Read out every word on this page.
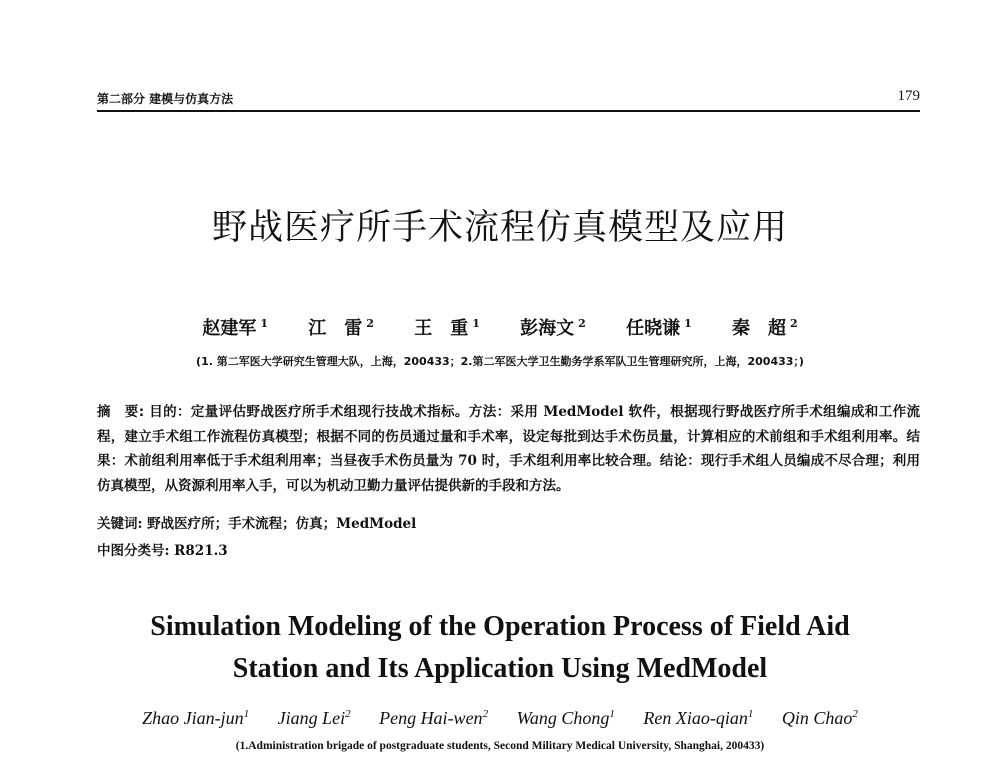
第二部分 建模与仿真方法	179
野战医疗所手术流程仿真模型及应用
赵建军 $^1$ 江　雷 $^2$ 王　重 $^1$ 彭海文 $^2$ 任晓谦 $^1$ 秦　超 $^2$
(1. 第二军医大学研究生管理大队，上海，200433；2.第二军医大学卫生勤务学系军队卫生管理研究所，上海，200433；)
摘　要: 目的：定量评估野战医疗所手术组现行技战术指标。方法：采用 MedModel 软件，根据现行野战医疗所手术组编成和工作流程，建立手术组工作流程仿真模型；根据不同的伤员通过量和手术率，设定每批到达手术伤员量，计算相应的术前组和手术组利用率。结果：术前组利用率低于手术组利用率；当昼夜手术伤员量为 70 时，手术组利用率比较合理。结论：现行手术组人员编成不尽合理；利用仿真模型，从资源利用率入手，可以为机动卫勤力量评估提供新的手段和方法。
关键词: 野战医疗所；手术流程；仿真；MedModel
中图分类号: R821.3
Simulation Modeling of the Operation Process of Field Aid
Station and Its Application Using MedModel
Zhao Jian-jun$^1$ Jiang Lei$^2$ Peng Hai-wen$^2$ Wang Chong$^1$ Ren Xiao-qian$^1$ Qin Chao$^2$
(1.Administration brigade of postgraduate students, Second Military Medical University, Shanghai, 200433)
